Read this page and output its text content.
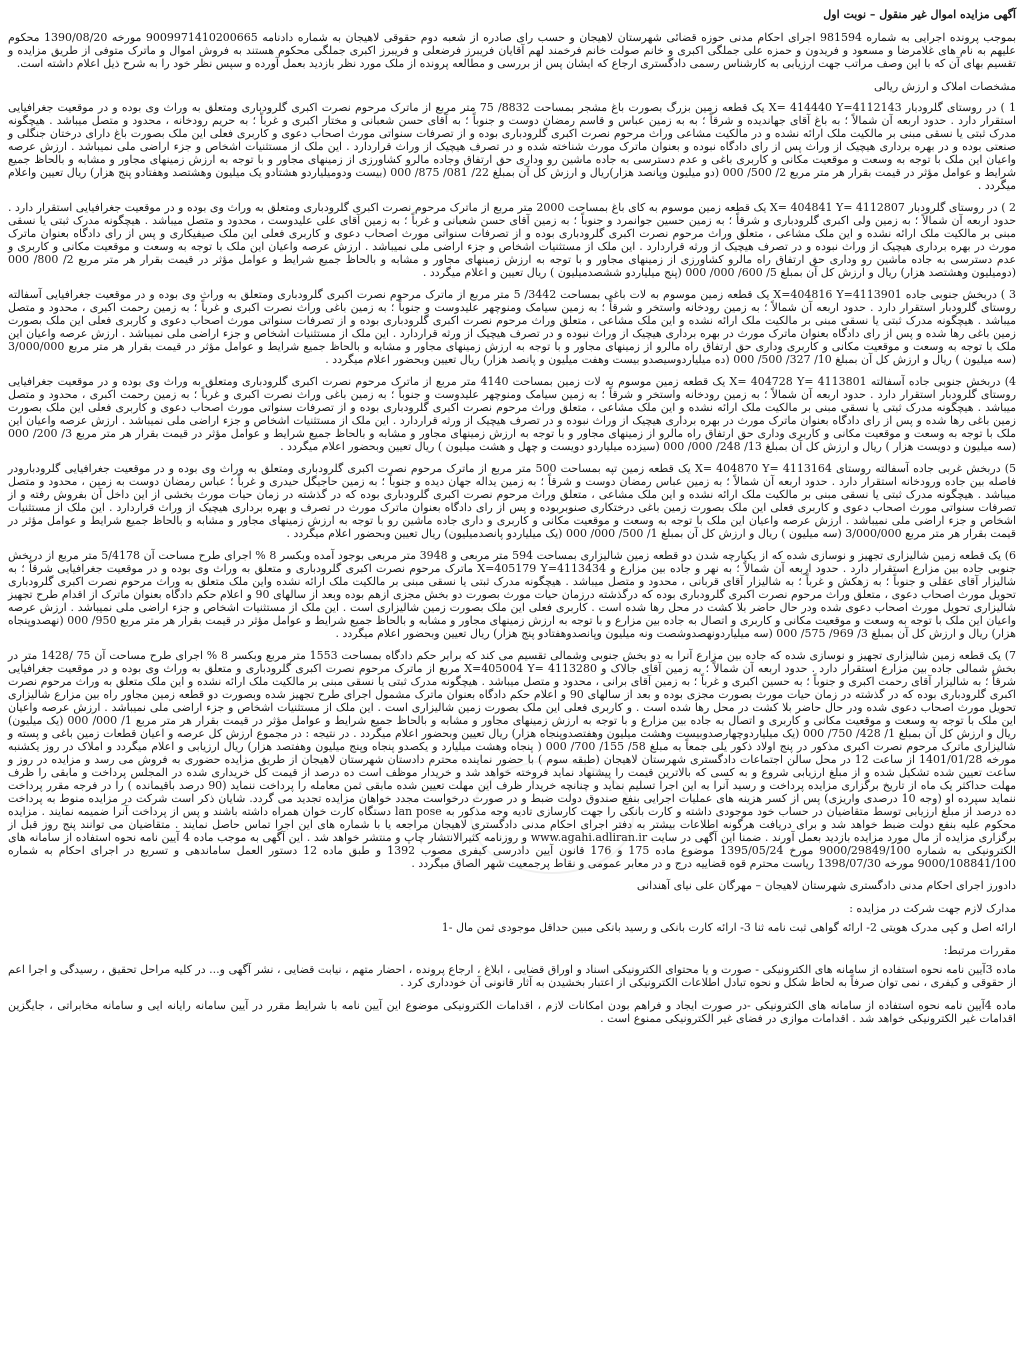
آگهی مزایده اموال غیر منقول – نوبت اول
بموجب پرونده اجرایی به شماره 981594 اجرای احکام مدنی حوزه قضائی شهرستان لاهیجان و حسب رای صادره از شعبه دوم حقوقی لاهیجان به شماره دادنامه 9009971410200665 مورخه 1390/08/20 محکوم علیهم به نام های غلامرضا و مسعود و فریدون و حمزه علی جملگی اکبری و خانم صولت خانم فرخمند لهم آقایان فریبرز فرضعلی و فریبرز اکبری جملگی محکوم هستند به فروش اموال و ماترک متوفی از طریق مزایده و تقسیم بهای آن که با این وصف مراتب جهت ارزیابی به کارشناس رسمی دادگستری ارجاع که ایشان پس از بررسی و مطالعه پرونده از ملک مورد نظر بازدید بعمل آورده و سپس نظر خود را به شرح ذیل اعلام داشته است.
مشخصات املاک و ارزش ریالی
1 ) در روستای گلرودبار X= 414440 Y=4112143 یک قطعه زمین بزرگ بصورت باغ مشجر بمساحت 8832/ 75 متر مربع از ماترک مرحوم نصرت اکبری گلرودباری ومتعلق به وراث وی بوده و در موقعیت جغرافیایی استقرار دارد . حدود اربعه آن شمالاً ؛ به باغ آقای جهاندیده و شرقاً ؛ به به زمین عباس و قاسم رمضان دوست و جنوباً ؛ به آقای حسن شعبانی و مختار اکبری و غرباً ؛ به حریم رودخانه ، محدود و متصل میباشد . هیچگونه مدرک ثبتی یا نسقی مبنی بر مالکیت ملک ارائه نشده و در مالکیت مشاعی وراث مرحوم نصرت اکبری گلرودباری بوده و از تصرفات سنواتی مورث اصحاب دعوی و کاربری فعلی این ملک بصورت باغ دارای درختان جنگلی و صنعتی بوده و در بهره برداری هیچیک از وراث پس از رای دادگاه نبوده و بعنوان ماترک مورث شناخته شده و در تصرف هیچیک از وراث قراردارد . این ملک از مستثنیات اشخاص و جزء اراضی ملی نمیباشد . ارزش عرصه واعیان این ملک با توجه به وسعت و موقعیت مکانی و کاربری باغی و عدم دسترسی به جاده ماشین رو وداری حق ارتفاق وجاده مالرو کشاورزی از زمینهای مجاور و با توجه به ارزش زمینهای مجاور و مشابه و بالحاظ جمیع شرایط و عوامل مؤثر در قیمت بقرار هر متر مربع 2/ 500/ 000 (دو میلیون وپانصد هزار)ریال و ارزش کل آن بمبلغ 22/ 081/ 875/ 000 (بیست ودومیلیاردو هشتادو یک میلیون وهشتصد وهفتادو پنج هزار) ریال تعیین واعلام میگردد .
2 ) در روستای گلرودبار X= 404841 Y= 4112807 یک قطعه زمین موسوم به کای باغ بمساحت 2000 متر مربع از ماترک مرحوم نصرت اکبری گلرودباری ومتعلق به وراث وی بوده و در موقعیت جغرافیایی استقرار دارد . حدود اربعه آن شمالاً ؛ به زمین ولی اکبری گلرودباری و شرقاً ؛ به زمین حسین جوانمرد و جنوباً ؛ به زمین آقای حسن شعبانی و غرباً ؛ به زمین آقای علی علیدوست ، محدود و متصل میباشد . هیچگونه مدرک ثبتی یا نسقی مبنی بر مالکیت ملک ارائه نشده و این ملک مشاعی ، متعلق وراث مرحوم نصرت اکبری گلرودباری بوده و از تصرفات سنواتی مورث اصحاب دعوی و کاربری فعلی این ملک صیفیکاری و پس از رای دادگاه بعنوان ماترک مورث در بهره برداری هیچیک از وراث نبوده و در تصرف هیچیک از ورثه قراردارد . این ملک از مستثنیات اشخاص و جزء اراضی ملی نمیباشد . ارزش عرصه واعیان این ملک با توجه به وسعت و موقعیت مکانی و کاربری و عدم دسترسی به جاده ماشین رو وداری حق ارتفاق راه مالرو کشاورزی از زمینهای مجاور و با توجه به ارزش زمینهای مجاور و مشابه و بالحاظ جمیع شرایط و عوامل مؤثر در قیمت بقرار هر متر مربع 2/ 800/ 000 (دومیلیون وهشتصد هزار) ریال و ارزش کل آن بمبلغ 5/ 600/ 000/ 000 (پنج میلیاردو ششصدمیلیون ) ریال تعیین و اعلام میگردد .
3 ) دربخش جنوبی جاده X=404816 Y=4113901 یک قطعه زمین موسوم به لات باغی بمساحت 3442/ 5 متر مربع از ماترک مرحوم نصرت اکبری گلرودباری ومتعلق به وراث وی بوده و در موقعیت جغرافیایی آسفالته روستای گلرودبار استقرار دارد . حدود اربعه آن شمالاً ؛ به زمین رودخانه واستخر و شرقاً ؛ به زمین سیامک ومنوچهر علیدوست و جنوباً ؛ به زمین باغی وراث نصرت اکبری و غرباً ؛ به زمین رحمت اکبری ، محدود و متصل میباشد . هیچگونه مدرک ثبتی یا نسقی مبنی بر مالکیت ملک ارائه نشده و این ملک مشاعی ، متعلق وراث مرحوم نصرت اکبری گلرودباری بوده و از تصرفات سنواتی مورث اصحاب دعوی و کاربری فعلی این ملک بصورت زمین باغی رها شده و پس از رای دادگاه بعنوان ماترک مورث در بهره برداری هیچیک از وراث نبوده و در تصرف هیچیک از ورثه قراردارد . این ملک از مستثنیات اشخاص و جزء اراضی ملی نمیباشد . ارزش عرصه واعیان این ملک با توجه به وسعت و موقعیت مکانی و کاربری وداری حق ارتفاق راه مالرو از زمینهای مجاور و با توجه به ارزش زمینهای مجاور و مشابه و بالحاظ جمیع شرایط و عوامل مؤثر در قیمت بقرار هر متر مربع 3/000/000 (سه میلیون ) ریال و ارزش کل آن بمبلغ 10/ 327/ 500/ 000 (ده میلیاردوسیصدو بیست وهفت میلیون و پانصد هزار) ریال تعیین وبحضور اعلام میگردد .
4) دربخش جنوبی جاده آسفالته X= 404728 Y= 4113801 یک قطعه زمین موسوم به لات زمین بمساحت 4140 متر مربع از ماترک مرحوم نصرت اکبری گلرودباری ومتعلق به وراث وی بوده و در موقعیت جغرافیایی روستای گلرودبار استقرار دارد . حدود اربعه آن شمالاً ؛ به زمین رودخانه واستخر و شرقاً ؛ به زمین سیامک ومنوچهر علیدوست و جنوباً ؛ به زمین باغی وراث نصرت اکبری و غرباً ؛ به زمین رحمت اکبری ، محدود و متصل میباشد . هیچگونه مدرک ثبتی یا نسقی مبنی بر مالکیت ملک ارائه نشده و این ملک مشاعی ، متعلق وراث مرحوم نصرت اکبری گلرودباری بوده و از تصرفات سنواتی مورث اصحاب دعوی و کاربری فعلی این ملک بصورت زمین باغی رها شده و پس از رای دادگاه بعنوان ماترک مورث در بهره برداری هیچیک از وراث نبوده و در تصرف هیچیک از ورثه قراردارد . این ملک از مستثنیات اشخاص و جزء اراضی ملی نمیباشد . ارزش عرصه واعیان این ملک با توجه به وسعت و موقعیت مکانی و کاربری وداری حق ارتفاق راه مالرو از زمینهای مجاور و با توجه به ارزش زمینهای مجاور و مشابه و بالحاظ جمیع شرایط و عوامل مؤثر در قیمت بقرار هر متر مربع 3/ 200/ 000 (سه میلیون و دویست هزار ) ریال و ارزش کل آن بمبلغ 13/ 248/ 000/ 000 (سیزده میلیاردو دویست و چهل و هشت میلیون ) ریال تعیین وبحضور اعلام میگردد .
5) دربخش غربی جاده آسفالته روستای X= 404870 Y= 4113164 یک قطعه زمین تپه بمساحت 500 متر مربع از ماترک مرحوم نصرت اکبری گلرودباری ومتعلق به وراث وی بوده و در موقعیت جغرافیایی گلرودبارودر فاصله بین جاده ورودخانه استقرار دارد . حدود اربعه آن شمالاً ؛ به زمین عباس رمضان دوست و شرقاً ؛ به زمین یداله جهان دیده و جنوباً ؛ به زمین حاجیگل حیدری و غرباً ؛ عباس رمضان دوست به زمین ، محدود و متصل میباشد . هیچگونه مدرک ثبتی یا نسقی مبنی بر مالکیت ملک ارائه نشده و این ملک مشاعی ، متعلق وراث مرحوم نصرت اکبری گلرودباری بوده که در گذشته در زمان حیات مورث بخشی از این داخل آن بفروش رفته و از تصرفات سنواتی مورث اصحاب دعوی و کاربری فعلی این ملک بصورت زمین باغی درختکاری صنوبربوده و پس از رای دادگاه بعنوان ماترک مورث در تصرف و بهره برداری هیچیک از وراث قراردارد . این ملک از مستثنیات اشخاص و جزء اراضی ملی نمیباشد . ارزش عرصه واعیان این ملک با توجه به وسعت و موقعیت مکانی و کاربری و داری جاده ماشین رو با توجه به ارزش زمینهای مجاور و مشابه و بالحاظ جمیع شرایط و عوامل مؤثر در قیمت بقرار هر متر مربع 3/000/000 (سه میلیون ) ریال و ارزش کل آن بمبلغ 1/ 500/ 000/ 000 (یک میلیاردو پانصدمیلیون) ریال تعیین وبحضور اعلام میگردد .
6) یک قطعه زمین شالیزاری تجهیز و نوسازی شده که از یکپارچه شدن دو قطعه زمین شالیزاری بمساحت 594 متر مربعی و 3948 متر مربعی بوجود آمده وبکسر 8 % اجرای طرح مساحت آن 5/4178 متر مربع از دربخش جنوبی جاده بین مزارع استقرار دارد . حدود اربعه آن شمالاً ؛ به نهر و جاده بین مزارع و X=405179 Y=4113434 ماترک مرحوم نصرت اکبری گلرودباری و متعلق به وراث وی بوده و در موقعیت جغرافیایی شرقاً ؛ به شالیزار آقای عقلی و جنوباً ؛ به زهکش و غرباً ؛ به شالیزار آقای قربانی ، محدود و متصل میباشد . هیچگونه مدرک ثبتی یا نسقی مبنی بر مالکیت ملک ارائه نشده واین ملک متعلق به وراث مرحوم نصرت اکبری گلرودباری تحویل مورث اصحاب دعوی ، متعلق وراث مرحوم نصرت اکبری گلرودباری بوده که درگذشته درزمان حیات مورث بصورت دو بخش مجزی ازهم بوده وبعد از سالهای 90 و اعلام حکم دادگاه بعنوان ماترک از اقدام طرح تجهیز شالیزاری تحویل مورث اصحاب دعوی شده ودر حال حاضر بلا کشت در محل رها شده است . کاربری فعلی این ملک بصورت زمین شالیزاری است . این ملک از مستثنیات اشخاص و جزء اراضی ملی نمیباشد . ارزش عرصه واعیان این ملک با توجه به وسعت و موقعیت مکانی و کاربری و اتصال به جاده بین مزارع و با توجه به ارزش زمینهای مجاور و مشابه و بالحاظ جمیع شرایط و عوامل مؤثر در قیمت بقرار هر متر مربع 950/ 000 (نهصدوپنجاه هزار) ریال و ارزش کل آن بمبلغ 3/ 969/ 575/ 000 (سه میلیاردونهصدوشصت ونه میلیون وپانصدوهفتادو پنج هزار) ریال تعیین وبحضور اعلام میگردد .
7) یک قطعه زمین شالیزاری تجهیز و نوسازی شده که جاده بین مزارع آنرا به دو بخش جنوبی وشمالی تقسیم می کند که برابر حکم دادگاه بمساحت 1553 متر مربع وبکسر 8 % اجرای طرح مساحت آن 75 /1428 متر در بخش شمالی جاده بین مزارع استقرار دارد . حدود اربعه آن شمالاً ؛ به زمین آقای جالاک و X=405004 Y= 4113280 مربع از ماترک مرحوم نصرت اکبری گلرودباری و متعلق به وراث وی بوده و در موقعیت جغرافیایی شرقاً ؛ به شالیزار آقای رحمت اکبری و جنوباً ؛ به حسین اکبری و غرباً ؛ به زمین آقای برانی ، محدود و متصل میباشد . هیچگونه مدرک ثبتی یا نسقی مبنی بر مالکیت ملک ارائه نشده و این ملک متعلق به وراث مرحوم نصرت اکبری گلرودباری بوده که در گذشته در زمان حیات مورث بصورت مجزی بوده و بعد از سالهای 90 و اعلام حکم دادگاه بعنوان ماترک مشمول اجرای طرح تجهیز شده وبصورت دو قطعه زمین مجاور راه بین مزارع شالیزاری تحویل مورث اصحاب دعوی شده ودر حال حاضر بلا کشت در محل رها شده است . و کاربری فعلی این ملک بصورت زمین شالیزاری است . این ملک از مستثنیات اشخاص و جزء اراضی ملی نمیباشد . ارزش عرصه واعیان این ملک با توجه به وسعت و موقعیت مکانی و کاربری و اتصال به جاده بین مزارع و با توجه به ارزش زمینهای مجاور و مشابه و بالحاظ جمیع شرایط و عوامل مؤثر در قیمت بقرار هر متر مربع 1/ 000/ 000 (یک میلیون) ریال و ارزش کل آن بمبلغ 1/ 428/ 750/ 000 (یک میلیاردوچهارصدوبیست وهشت میلیون وهفتصدوپنجاه هزار) ریال تعیین وبحضور اعلام میگردد . در نتیجه : در مجموع ارزش کل عرصه و اعیان قطعات زمین باغی و پسته و شالیزاری ماترک مرحوم نصرت اکبری مذکور در پنج اولاد ذکور یلی جمعاً به مبلغ 58/ 155/ 700/ 000 ( پنجاه وهشت میلیارد و یکصدو پنجاه وپنج میلیون وهفتصد هزار) ریال ارزیابی و اعلام میگردد و املاک در روز یکشنبه مورخه 1401/01/28 از ساعت 12 در محل سالن اجتماعات دادگستری شهرستان لاهیجان (طبقه سوم ) با حضور نماینده محترم دادستان شهرستان لاهیجان از طریق مزایده حضوری به فروش می رسد و مزایده در روز و ساعت تعیین شده تشکیل شده و از مبلغ ارزیابی شروع و به کسی که بالاترین قیمت را پیشنهاد نماید فروخته خواهد شد و خریدار موظف است ده درصد از قیمت کل خریداری شده در المجلس پرداخت و مابقی را ظرف مهلت حداکثر یک ماه از تاریخ برگزاری مزایده پرداخت و رسید آنرا به این اجرا تسلیم نماید و چنانچه خریدار ظرف این مهلت تعیین شده مابقی ثمن معامله را پرداخت ننماید (90 درصد باقیمانده ) را در فرجه مقرر پرداخت ننماید سپرده او (وجه 10 درصدی واریزی) پس از کسر هزینه های عملیات اجرایی بنفع صندوق دولت ضبط و در صورت درخواست مجدد خواهان مزایده تجدید می گردد. شایان ذکر است شرکت در مزایده منوط به پرداخت ده درصد از مبلغ ارزیابی توسط متقاضیان در حساب خود موجودی داشته و کارت بانکی را جهت کارسازی تادیه وجه مذکور به lan pose دستگاه کارت خوان همراه داشته باشند و پس از پرداخت آنرا ضمیمه نمایند . مزایده محکوم علیه بنفع دولت ضبط خواهد شد و برای دریافت هرگونه اطلاعات بیشتر به دفتر اجرای احکام مدنی دادگستری لاهیجان مراجعه یا با شماره های این اجرا تماس حاصل نمایند . متقاضیان می توانند پنج روز قبل از برگزاری مزایده از مال مورد مزایده بازدید بعمل آورند . ضمنا این آگهی در سایت www.agahi.adliran.ir و روزنامه کثیرالانتشار چاپ و منتشر خواهد شد . این آگهی به موجب ماده 4 آیین نامه نحوه استفاده از سامانه های الکترونیکی به شماره 9000/29849/100 مورخ 1395/05/24 موضوع ماده 175 و 176 قانون آیین دادرسی کیفری مصوب 1392 و طبق ماده 12 دستور العمل ساماندهی و تسریع در اجرای احکام به شماره 9000/108841/100 مورخه 1398/07/30 ریاست محترم قوه قضاییه درج و در معابر عمومی و نقاط پرجمعیت شهر الصاق میگردد .
دادورز اجرای احکام مدنی دادگستری شهرستان لاهیجان – مهرگان علی نیای آهندانی
مدارک لازم جهت شرکت در مزایده :
ارائه اصل و کپی مدرک هویتی 2- ارائه گواهی ثبت نامه ثنا 3- ارائه کارت بانکی و رسید بانکی مبین حداقل موجودی ثمن مال -1
مقررات مرتبط:
ماده 3آیین نامه نحوه استفاده از سامانه های الکترونیکی - صورت و یا محتوای الکترونیکی اسناد و اوراق قضایی ، ابلاغ ، ارجاع پرونده ، احضار متهم ، نیابت قضایی ، نشر آگهی و... در کلیه مراحل تحقیق ، رسیدگی و اجرا اعم از حقوقی و کیفری ، نمی توان صرفاً به لحاظ شکل و نحوه تبادل اطلاعات الکترونیکی از اعتبار بخشیدن به آثار قانونی آن خودداری کرد .
ماده 4آیین نامه نحوه استفاده از سامانه های الکترونیکی -در صورت ایجاد و فراهم بودن امکانات لازم ، اقدامات الکترونیکی موضوع این آیین نامه با شرایط مقرر در آیین سامانه رایانه ایی و سامانه مخابراتی ، جایگزین اقدامات غیر الکترونیکی خواهد شد . اقدامات موازی در فضای غیر الکترونیکی ممنوع است .
